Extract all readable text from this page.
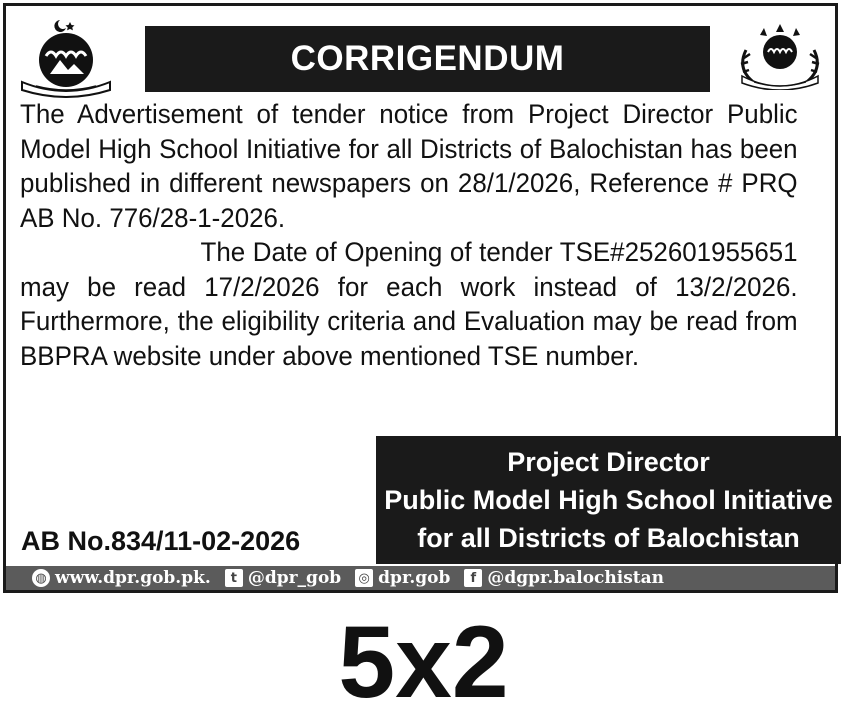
CORRIGENDUM

The Advertisement of tender notice from Project Director Public Model High School Initiative for all Districts of Balochistan has been published in different newspapers on 28/1/2026, Reference # PRQ AB No. 776/28-1-2026.

The Date of Opening of tender TSE#252601955651 may be read 17/2/2026 for each work instead of 13/2/2026. Furthermore, the eligibility criteria and Evaluation may be read from BBPRA website under above mentioned TSE number.

Project Director
Public Model High School Initiative
for all Districts of Balochistan
AB No.834/11-02-2026
◍ www.dpr.gob.pk.	t @dpr_gob ◎ dpr.gob	f @dgpr.balochistan
5x2
